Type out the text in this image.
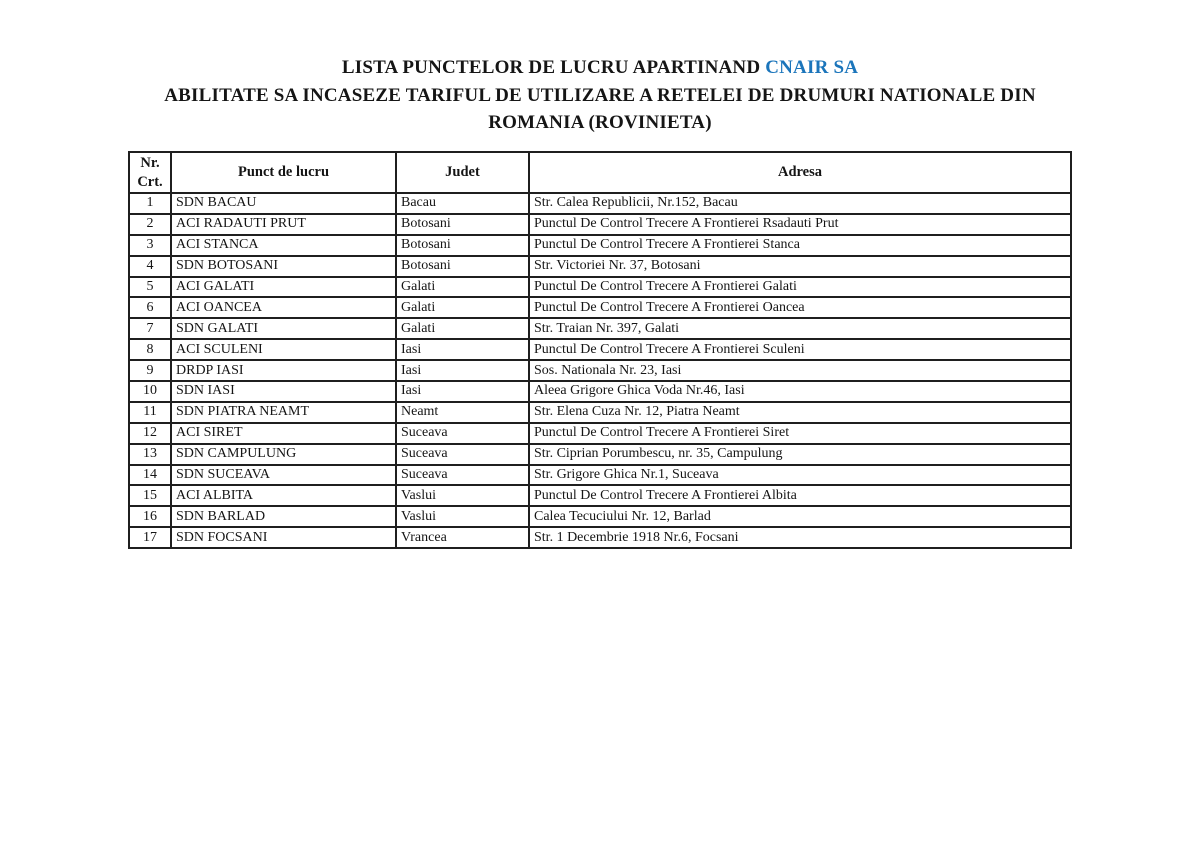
LISTA PUNCTELOR DE LUCRU APARTINAND CNAIR SA
ABILITATE SA INCASEZE TARIFUL DE UTILIZARE A RETELEI DE DRUMURI NATIONALE DIN
ROMANIA (ROVINIETA)
Nr.
Crt.	Punct de lucru	Judet	Adresa
1	SDN BACAU	Bacau	Str. Calea Republicii, Nr.152, Bacau
2	ACI RADAUTI PRUT	Botosani	Punctul De Control Trecere A Frontierei Rsadauti Prut
3	ACI STANCA	Botosani	Punctul De Control Trecere A Frontierei Stanca
4	SDN BOTOSANI	Botosani	Str. Victoriei Nr. 37, Botosani
5	ACI GALATI	Galati	Punctul De Control Trecere A Frontierei Galati
6	ACI OANCEA	Galati	Punctul De Control Trecere A Frontierei Oancea
7	SDN GALATI	Galati	Str. Traian Nr. 397, Galati
8	ACI SCULENI	Iasi	Punctul De Control Trecere A Frontierei Sculeni
9	DRDP IASI	Iasi	Sos. Nationala Nr. 23, Iasi
10	SDN IASI	Iasi	Aleea Grigore Ghica Voda Nr.46, Iasi
11	SDN PIATRA NEAMT	Neamt	Str. Elena Cuza Nr. 12, Piatra Neamt
12	ACI SIRET	Suceava	Punctul De Control Trecere A Frontierei Siret
13	SDN CAMPULUNG	Suceava	Str. Ciprian Porumbescu, nr. 35, Campulung
14	SDN SUCEAVA	Suceava	Str. Grigore Ghica Nr.1, Suceava
15	ACI ALBITA	Vaslui	Punctul De Control Trecere A Frontierei Albita
16	SDN BARLAD	Vaslui	Calea Tecuciului Nr. 12, Barlad
17	SDN FOCSANI	Vrancea	Str. 1 Decembrie 1918 Nr.6, Focsani
